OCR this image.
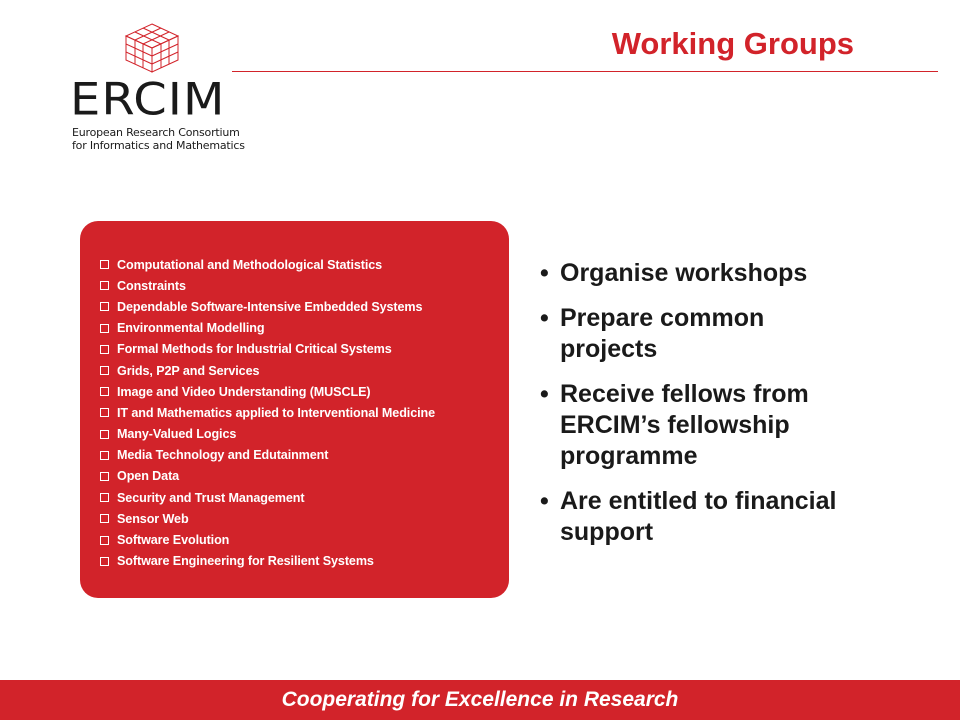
ERCIM
European Research Consortium
for Informatics and Mathematics
Working Groups
Computational and Methodological Statistics
Constraints
Dependable Software-Intensive Embedded Systems
Environmental Modelling
Formal Methods for Industrial Critical Systems
Grids, P2P and Services
Image and Video Understanding (MUSCLE)
IT and Mathematics applied to Interventional Medicine
Many-Valued Logics
Media Technology and Edutainment
Open Data
Security and Trust Management
Sensor Web
Software Evolution
Software Engineering for Resilient Systems
• Organise workshops
• Prepare common projects
• Receive fellows from ERCIM’s fellowship programme
• Are entitled to financial support
Cooperating for Excellence in Research
